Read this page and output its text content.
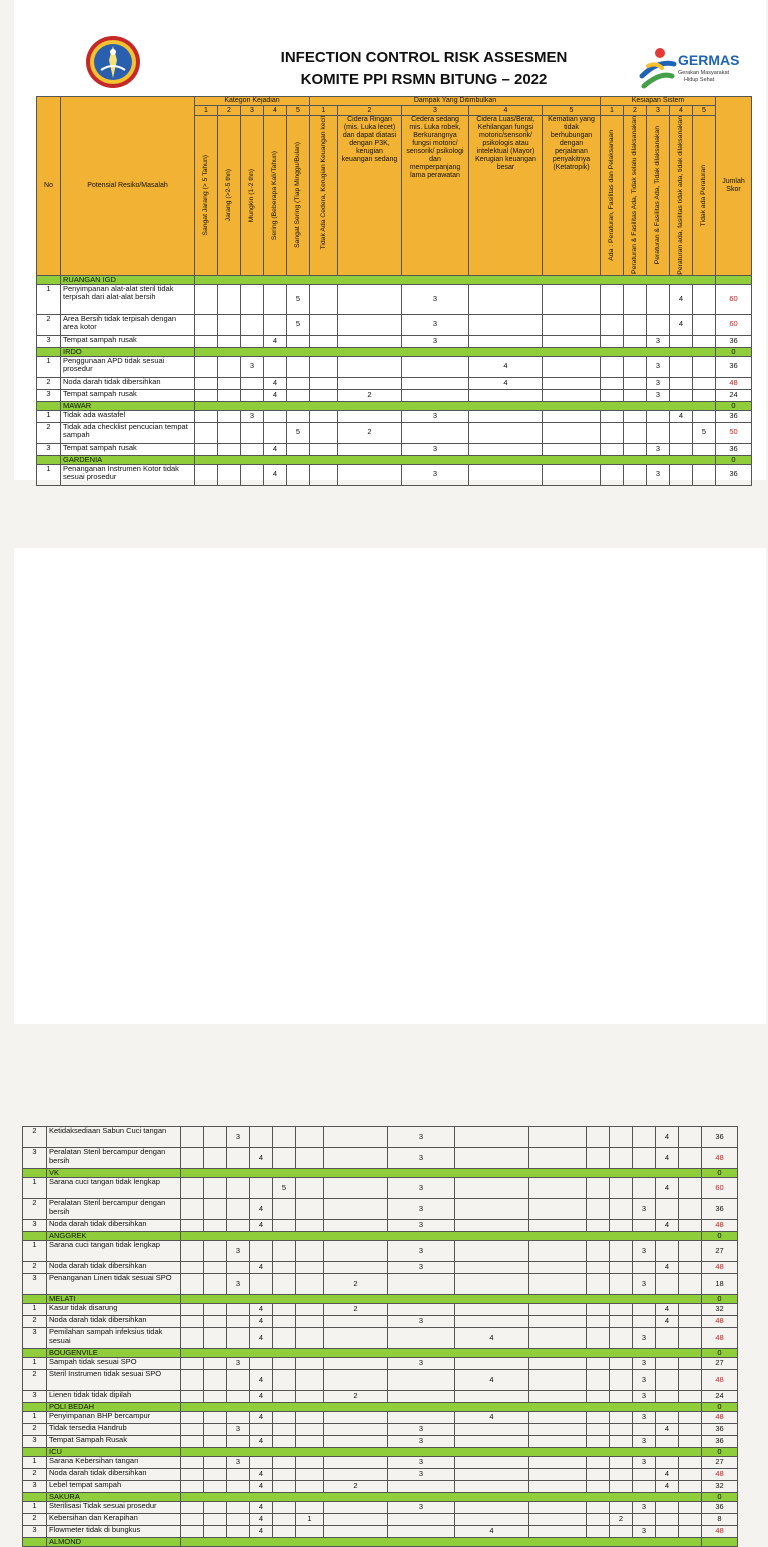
INFECTION CONTROL RISK ASSESMEN
KOMITE PPI RSMN BITUNG – 2022
GERMAS
Gerakan Masyarakat
Hidup Sehat
No	Potensial Resiko/Masalah	Kategori Kejadian					Dampak Yang Ditimbulkan					Kesiapan Sistem					Jumlah Skor
		1	2	3	4	5	1	2	3	4	5	1	2	3	4	5	

		Sangat Jarang (> 5 Tahun)	Jarang (>2-5 thn)	Mungkin (1-2 thn)	Sering (Beberapa Kali/Tahun)	Sangat Sering (Tiap Minggu/Bulan)	Tidak Ada Cedera, Kerugian Keuangan kecil	Cidera Ringan (mis. Luka lecet) dan dapat diatasi dengan P3K, kerugian keuangan sedang	Cedera sedang mis. Luka robek, Berkurangnya fungsi motoric/ sensorik/ psikologi dan memperpanjang lama perawatan	Cidera Luas/Berat, Kehilangan fungsi motoric/sensorik/ psikologis atau intelektual (Mayor) Kerugian keuangan besar	Kematian yang tidak berhubungan dengan perjalanan penyakitnya (Ketatropik)	Ada : Peraturan, Fasilitas dan Pelaksanaan	Peraturan & Fasilitas Ada, Tidak selalu dilaksanakan	Peraturan & Fasilitas Ada, Tidak dilaksanakan	Peraturan ada, fasilitas tidak ada, tidak dilaksanakan	Tidak ada Peraturan	

	RUANGAN IGD																
1	Penyimpanan alat-alat steril tidak terpisah dari alat-alat bersih					5			3						4		60
2	Area Bersih tidak terpisah dengan area kotor					5			3						4		60
3	Tempat sampah rusak				4				3					3			36
	IRDO																0
1	Penggunaan APD tidak sesuai prosedur			3						4				3			36
2	Noda darah tidak dibersihkan				4					4				3			48
3	Tempat sampah rusak				4			2						3			24
	MAWAR																0
1	Tidak ada wastafel			3					3						4		36
2	Tidak ada checklist pencucian tempat sampah					5		2								5	50
3	Tempat sampah rusak				4				3					3			36
	GARDENIA																0
1	Penanganan Instrumen Kotor tidak sesuai prosedur				4				3					3			36
2	Ketidaksediaan Sabun Cuci tangan			3					3						4		36
3	Peralatan Steril bercampur dengan bersih				4				3						4		48
	VK																0
1	Sarana cuci tangan tidak lengkap					5			3						4		60
2	Peralatan Steril bercampur dengan bersih				4				3					3			36
3	Noda darah tidak dibersihkan				4				3						4		48
	ANGGREK																0
1	Sarana cuci tangan tidak lengkap			3					3					3			27
2	Noda darah tidak dibersihkan				4				3						4		48
3	Penanganan Linen tidak sesuai SPO			3				2						3			18
	MELATI																0
1	Kasur tidak disarung				4			2							4		32
2	Noda darah tidak dibersihkan				4				3						4		48
3	Pemilahan sampah infeksius tidak sesuai				4					4				3			48
	BOUGENVILE																0
1	Sampah tidak sesuai SPO			3					3					3			27
2	Steril Instrumen tidak sesuai SPO				4					4				3			48
3	Lienen tidak tidak dipilah				4			2						3			24
	POLI BEDAH																0
1	Penyimpanan BHP bercampur				4					4				3			48
2	Tidak tersedia Handrub			3					3						4		36
3	Tempat Sampah Rusak				4				3					3			36
	ICU																0
1	Sarana Kebersihan tangan			3					3					3			27
2	Noda darah tidak dibersihkan				4				3						4		48
3	Lebel tempat sampah				4			2							4		32
	SAKURA																0
1	Sterilisasi Tidak sesuai prosedur				4				3					3			36
2	Kebersihan dan Kerapihan				4		1						2				8
3	Flowmeter tidak di bungkus				4					4				3			48
	ALMOND																
